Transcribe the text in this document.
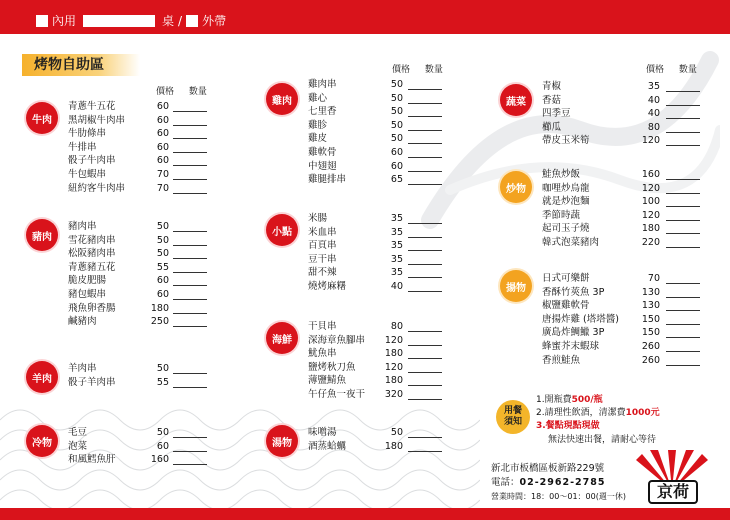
內用	桌 / 外帶
烤物自助區
價格 數量
價格 數量	價格 數量
牛肉
青蔥牛五花	60
黑胡椒牛肉串	60
牛肋條串	60
牛排串	60
骰子牛肉串	60
牛包蝦串	70
紐約客牛肉串	70
豬肉
豬肉串	50
雪花豬肉串	50
松阪豬肉串	50
青蔥豬五花	55
脆皮肥腸	60
豬包蝦串	60
飛魚卵香腸	180
鹹豬肉	250
羊肉
羊肉串	50
骰子羊肉串	55
冷物
毛豆	50
泡菜	60
和風鱈魚肝	160
雞肉
雞肉串	50
雞心	50
七里香	50
雞胗	50
雞皮	50
雞軟骨	60
中翅翅	60
雞腿排串	65
小點
米腸	35
米血串	35
百頁串	35
豆干串	35
甜不辣	35
燒烤麻糬	40
海鮮
干貝串	80
深海章魚腳串	120
魷魚串	180
鹽烤秋刀魚	120
薄鹽鯖魚	180
午仔魚一夜干	320
湯物
味噌湯	50
酒蒸蛤蠣	180
蔬菜
青椒	35
香菇	40
四季豆	40
櫛瓜	80
帶皮玉米筍	120
炒物
鮭魚炒飯	160
咖哩炒烏龍	120
就是炒泡麵	100
季節時蔬	120
起司玉子燒	180
韓式泡菜豬肉	220
揚物
日式可樂餅	70
香酥竹莢魚 3P	130
椒鹽雞軟骨	130
唐揚炸雞 (塔塔醬)	150
廣島炸鯛鱲 3P	150
蜂蜜芥末蝦球	260
香煎鮭魚	260
用餐
須知
1.開瓶費500/瓶
2.請理性飲酒，清潔費1000元
3.餐點現點現做
無法快速出餐，請耐心等待
新北市板橋區板新路229號
電話：02-2962-2785
營業時間：18：00～01：00(週一休)	京荷
